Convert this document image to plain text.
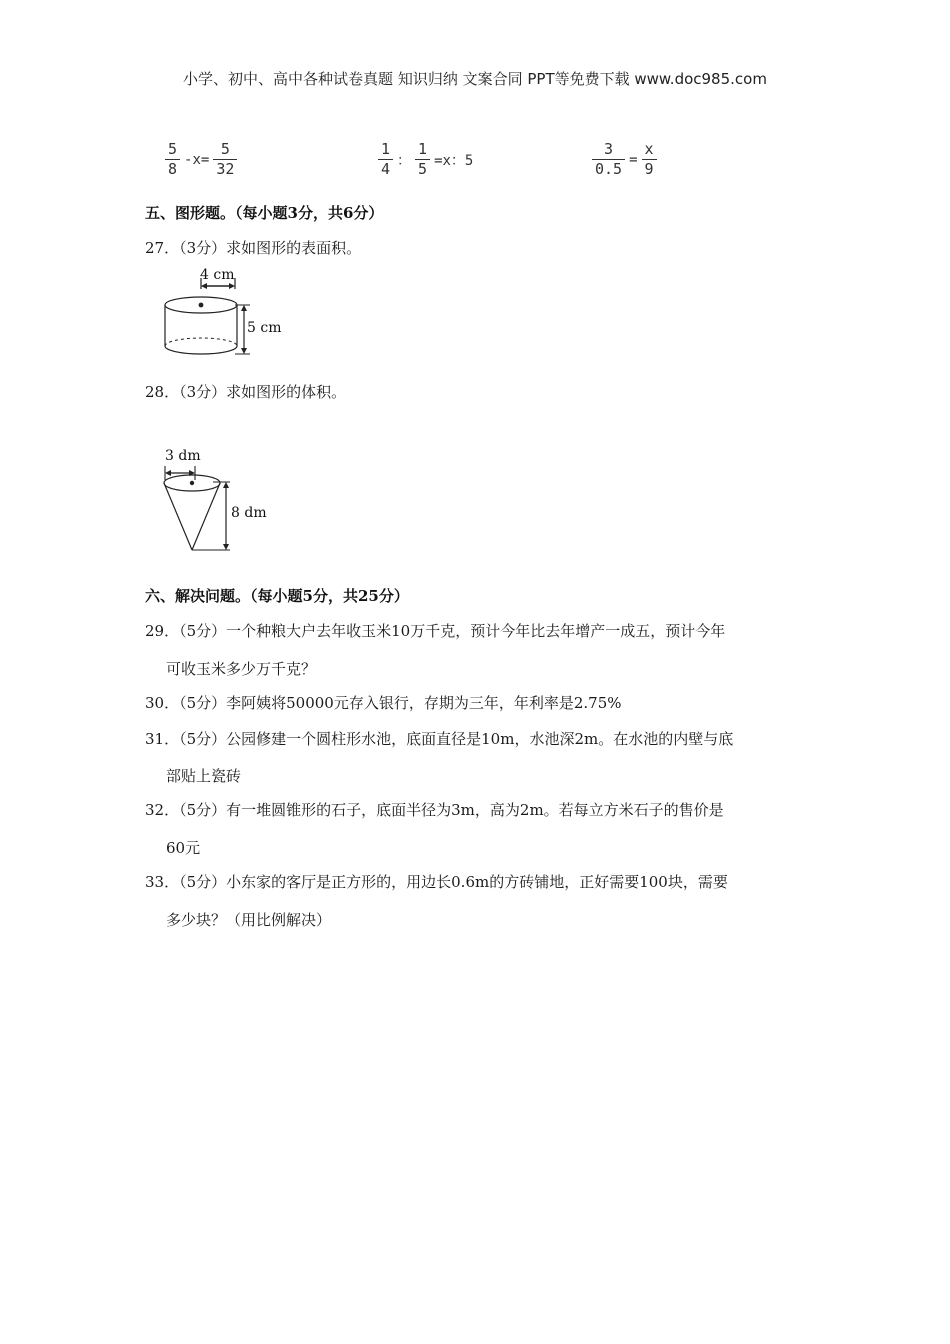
小学、初中、高中各种试卷真题 知识归纳 文案合同 PPT等免费下载 www.doc985.com
$\frac{5}{8} -x= \frac{5}{32}$	$\frac{1}{4}$ ： $\frac{1}{5} =x$：5	$\frac{3}{0.5} = \frac{x}{9}$
五、图形题。（每小题3分，共6分）
27．（3分）求如图形的表面积。
4 cm
5 cm
28．（3分）求如图形的体积。
3 dm
8 dm
六、解决问题。（每小题5分，共25分）
29．（5分）一个种粮大户去年收玉米10万千克，预计今年比去年增产一成五，预计今年
可收玉米多少万千克？
30．（5分）李阿姨将50000元存入银行，存期为三年，年利率是2.75%
31．（5分）公园修建一个圆柱形水池，底面直径是10m，水池深2m。在水池的内壁与底
部贴上瓷砖
32．（5分）有一堆圆锥形的石子，底面半径为3m，高为2m。若每立方米石子的售价是
60元
33．（5分）小东家的客厅是正方形的，用边长0.6m的方砖铺地，正好需要100块，需要
多少块？（用比例解决）
